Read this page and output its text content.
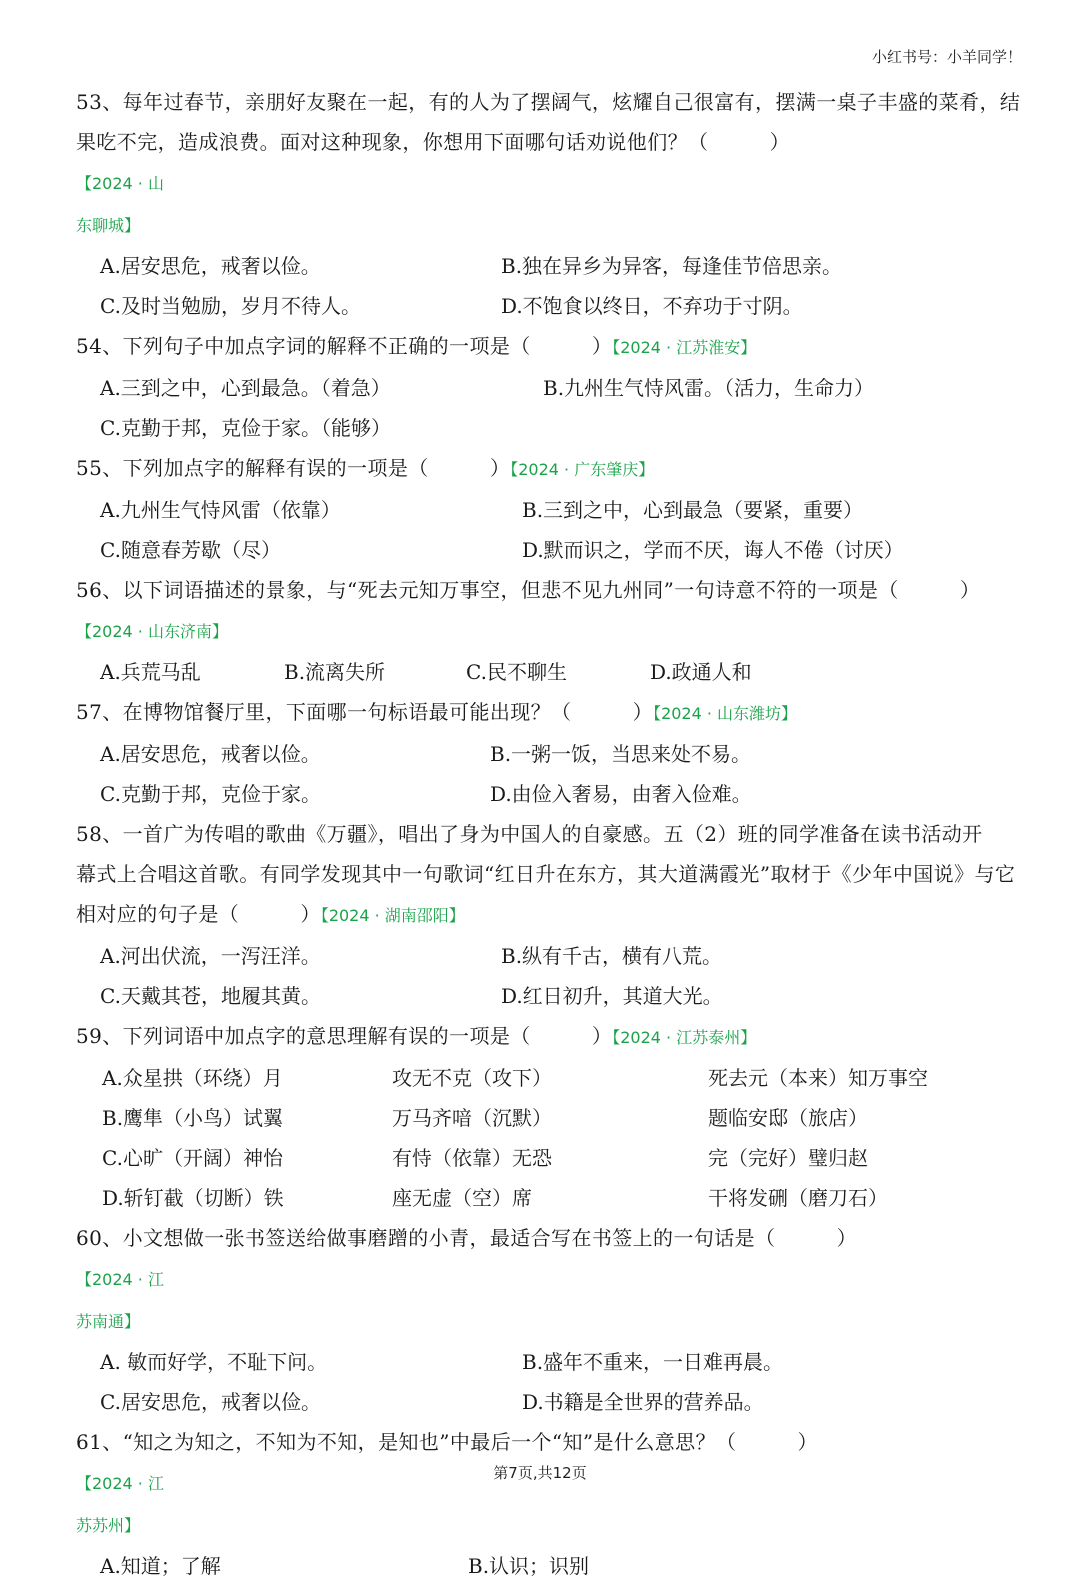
小红书号：小羊同学！
53、每年过春节，亲朋好友聚在一起，有的人为了摆阔气，炫耀自己很富有，摆满一桌子丰盛的菜肴，结
果吃不完，造成浪费。面对这种现象，你想用下面哪句话劝说他们？（　　　）
【2024 · 山
东聊城】
A.居安思危，戒奢以俭。	B.独在异乡为异客，每逢佳节倍思亲。
C.及时当勉励，岁月不待人。	D.不饱食以终日，不弃功于寸阴。
54、下列句子中加点字词的解释不正确的一项是（　　　）【2024 · 江苏淮安】
A.三到之中，心到最急。（着急）	B.九州生气恃风雷。（活力，生命力）
C.克勤于邦，克俭于家。（能够）
55、下列加点字的解释有误的一项是（　　　）【2024 · 广东肇庆】
A.九州生气恃风雷（依靠）	B.三到之中，心到最急（要紧，重要）
C.随意春芳歇（尽）	D.默而识之，学而不厌，诲人不倦（讨厌）
56、以下词语描述的景象，与“死去元知万事空，但悲不见九州同”一句诗意不符的一项是（　　　）
【2024 · 山东济南】
A.兵荒马乱	B.流离失所	C.民不聊生	D.政通人和
57、在博物馆餐厅里，下面哪一句标语最可能出现？（　　　）【2024 · 山东潍坊】
A.居安思危，戒奢以俭。	B.一粥一饭，当思来处不易。
C.克勤于邦，克俭于家。	D.由俭入奢易，由奢入俭难。
58、一首广为传唱的歌曲《万疆》，唱出了身为中国人的自豪感。五（2）班的同学准备在读书活动开
幕式上合唱这首歌。有同学发现其中一句歌词“红日升在东方，其大道满霞光”取材于《少年中国说》与它
相对应的句子是（　　　）【2024 · 湖南邵阳】
A.河出伏流，一泻汪洋。	B.纵有千古，横有八荒。
C.天戴其苍，地履其黄。	D.红日初升，其道大光。
59、下列词语中加点字的意思理解有误的一项是（　　　）【2024 · 江苏泰州】
A.众星拱（环绕）月	攻无不克（攻下）	死去元（本来）知万事空
B.鹰隼（小鸟）试翼	万马齐喑（沉默）	题临安邸（旅店）
C.心旷（开阔）神怡	有恃（依靠）无恐	完（完好）璧归赵
D.斩钉截（切断）铁	座无虚（空）席	干将发硎（磨刀石）
60、小文想做一张书签送给做事磨蹭的小青，最适合写在书签上的一句话是（　　　）
【2024 · 江
苏南通】
A. 敏而好学，不耻下问。	B.盛年不重来，一日难再晨。
C.居安思危，戒奢以俭。	D.书籍是全世界的营养品。
61、“知之为知之，不知为不知，是知也”中最后一个“知”是什么意思？（　　　）
【2024 · 江
苏苏州】
A.知道；了解	B.认识；识别
第7页,共12页
